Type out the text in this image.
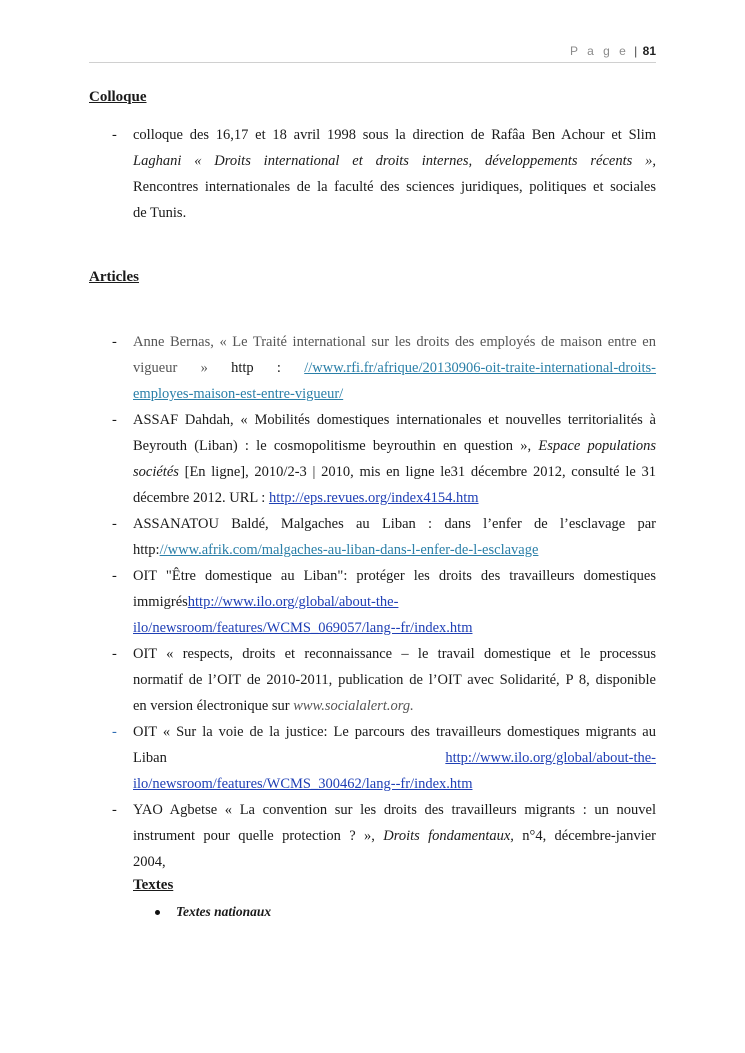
P a g e | 81
Colloque
- colloque des 16,17 et 18 avril 1998 sous la direction de Rafâa Ben Achour et Slim
Laghani « Droits international et droits internes, développements récents »,
Rencontres internationales de la faculté des sciences juridiques, politiques et sociales
de Tunis.
Articles
- Anne Bernas, « Le Traité international sur les droits des employés de maison entre en
vigueur » http : //www.rfi.fr/afrique/20130906-oit-traite-international-droits-
employes-maison-est-entre-vigueur/
- ASSAF Dahdah, « Mobilités domestiques internationales et nouvelles territorialités à
Beyrouth (Liban) : le cosmopolitisme beyrouthin en question », Espace populations
sociétés [En ligne], 2010/2-3 | 2010, mis en ligne le31 décembre 2012, consulté le 31
décembre 2012. URL : http://eps.revues.org/index4154.htm
- ASSANATOU Baldé, Malgaches au Liban : dans l’enfer de l’esclavage par
http://www.afrik.com/malgaches-au-liban-dans-l-enfer-de-l-esclavage
- OIT "Être domestique au Liban": protéger les droits des travailleurs domestiques
immigréshttp://www.ilo.org/global/about-the-
ilo/newsroom/features/WCMS_069057/lang--fr/index.htm
- OIT « respects, droits et reconnaissance – le travail domestique et le processus
normatif de l’OIT de 2010-2011, publication de l’OIT avec Solidarité, P 8, disponible
en version électronique sur www.socialalert.org.
- OIT « Sur la voie de la justice: Le parcours des travailleurs domestiques migrants au
Liban	http://www.ilo.org/global/about-the-
ilo/newsroom/features/WCMS_300462/lang--fr/index.htm
- YAO Agbetse « La convention sur les droits des travailleurs migrants : un nouvel
instrument pour quelle protection ? », Droits fondamentaux, n°4, décembre-janvier
2004,
Textes
Textes nationaux
